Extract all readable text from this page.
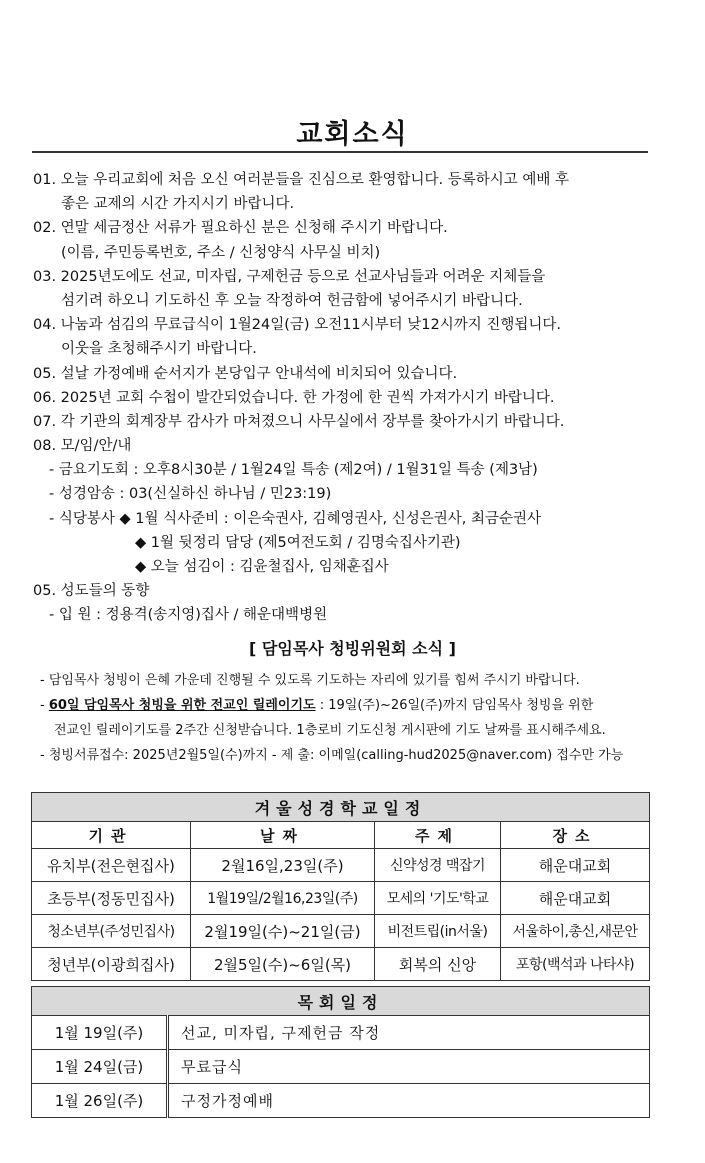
교회소식
01. 오늘 우리교회에 처음 오신 여러분들을 진심으로 환영합니다. 등록하시고 예배 후
좋은 교제의 시간 가지시기 바랍니다.
02. 연말 세금정산 서류가 필요하신 분은 신청해 주시기 바랍니다.
(이름, 주민등록번호, 주소 / 신청양식 사무실 비치)
03. 2025년도에도 선교, 미자립, 구제헌금 등으로 선교사님들과 어려운 지체들을
섬기려 하오니 기도하신 후 오늘 작정하여 헌금함에 넣어주시기 바랍니다.
04. 나눔과 섬김의 무료급식이 1월24일(금) 오전11시부터 낮12시까지 진행됩니다.
이웃을 초청해주시기 바랍니다.
05. 설날 가정예배 순서지가 본당입구 안내석에 비치되어 있습니다.
06. 2025년 교회 수첩이 발간되었습니다. 한 가정에 한 권씩 가져가시기 바랍니다.
07. 각 기관의 회계장부 감사가 마쳐졌으니 사무실에서 장부를 찾아가시기 바랍니다.
08. 모/임/안/내
- 금요기도회 : 오후8시30분 / 1월24일 특송 (제2여) / 1월31일 특송 (제3남)
- 성경암송 : 03(신실하신 하나님 / 민23:19)
- 식당봉사 ◆ 1월 식사준비 : 이은숙권사, 김혜영권사, 신성은권사, 최금순권사
◆ 1월 뒷정리 담당 (제5여전도회 / 김명숙집사기관)
◆ 오늘 섬김이 : 김윤철집사, 임채훈집사
05. 성도들의 동향
- 입 원 : 정용격(송지영)집사 / 해운대백병원
[ 담임목사 청빙위원회 소식 ]
- 담임목사 청빙이 은혜 가운데 진행될 수 있도록 기도하는 자리에 있기를 힘써 주시기 바랍니다.
- 60일 담임목사 청빙을 위한 전교인 릴레이기도 : 19일(주)~26일(주)까지 담임목사 청빙을 위한
전교인 릴레이기도를 2주간 신청받습니다. 1층로비 기도신청 게시판에 기도 날짜를 표시해주세요.
- 청빙서류접수: 2025년2월5일(수)까지 - 제 출: 이메일(calling-hud2025@naver.com) 접수만 가능
겨울성경학교일정			
기관	날짜	주제	장소
유치부(전은현집사)	2월16일,23일(주)	신약성경 맥잡기	해운대교회
초등부(정동민집사)	1월19일/2월16,23일(주)	모세의 '기도'학교	해운대교회
청소년부(주성민집사)	2월19일(수)~21일(금)	비전트립(in서울)	서울하이,총신,새문안
청년부(이광희집사)	2월5일(수)~6일(목)	회복의 신앙	포항(백석과 나타샤)
목회일정	
1월 19일(주)	선교, 미자립, 구제헌금 작정
1월 24일(금)	무료급식
1월 26일(주)	구정가정예배
